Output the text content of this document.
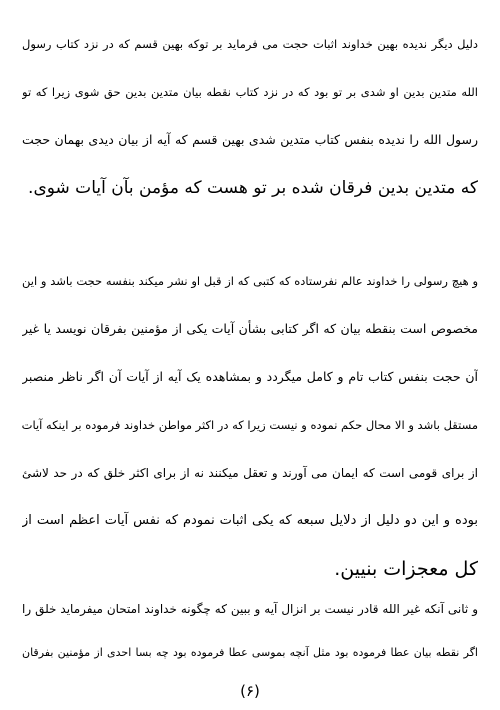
دلیل دیگر ندیده بهین خداوند اثبات حجت می فرماید بر توکه بهین قسم که در نزد کتاب رسول
الله متدین بدین او شدی بر تو بود که در نزد کتاب نقطه بیان متدین بدین حق شوی زیرا که تو
رسول الله را ندیده بنفس کتاب متدین شدی بهین قسم که آیه از بیان دیدی بهمان حجت
که متدین بدین فرقان شده بر تو هست که مؤمن بآن آیات شوی.
و هیچ رسولی را خداوند عالم نفرستاده که کتبی که از قبل او نشر میکند بنفسه حجت باشد و این
مخصوص است بنقطه بیان که اگر کتابی بشأن آیات یکی از مؤمنین بفرقان نویسد یا غیر
آن حجت بنفس کتاب تام و کامل میگردد و بمشاهده یک آیه از آیات آن اگر ناظر منصبر
مستقل باشد و الا محال حکم نموده و نیست زیرا که در اکثر مواطن خداوند فرموده بر اینکه آیات
از برای قومی است که ایمان می آورند و تعقل میکنند نه از برای اکثر خلق که در حد لاشئ
بوده و این دو دلیل از دلایل سبعه که یکی اثبات نمودم که نفس آیات اعظم است از
کل معجزات بنیین.
و ثانی آنکه غیر الله قادر نیست بر انزال آیه و ببین که چگونه خداوند امتحان میفرماید خلق را
اگر نقطه بیان عطا فرموده بود مثل آنچه بموسی عطا فرموده بود چه بسا احدی از مؤمنین بفرقان
(۶)
